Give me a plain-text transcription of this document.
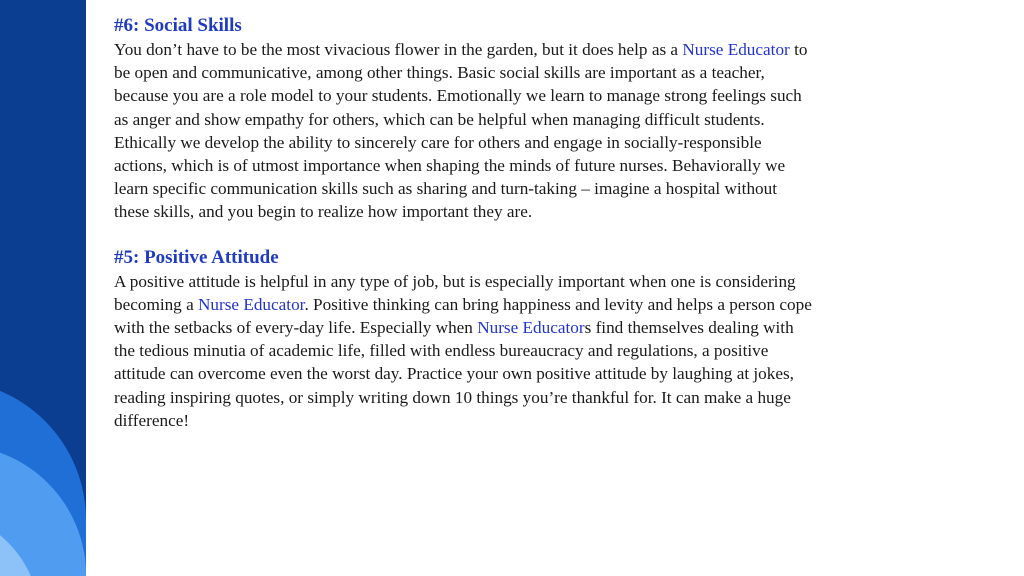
#6: Social Skills

You don’t have to be the most vivacious flower in the garden, but it does help as a Nurse Educator to be open and communicative, among other things. Basic social skills are important as a teacher, because you are a role model to your students. Emotionally we learn to manage strong feelings such as anger and show empathy for others, which can be helpful when managing difficult students. Ethically we develop the ability to sincerely care for others and engage in socially-responsible actions, which is of utmost importance when shaping the minds of future nurses. Behaviorally we learn specific communication skills such as sharing and turn-taking – imagine a hospital without these skills, and you begin to realize how important they are.

#5: Positive Attitude

A positive attitude is helpful in any type of job, but is especially important when one is considering becoming a Nurse Educator. Positive thinking can bring happiness and levity and helps a person cope with the setbacks of every-day life. Especially when Nurse Educators find themselves dealing with the tedious minutia of academic life, filled with endless bureaucracy and regulations, a positive attitude can overcome even the worst day. Practice your own positive attitude by laughing at jokes, reading inspiring quotes, or simply writing down 10 things you’re thankful for. It can make a huge difference!
